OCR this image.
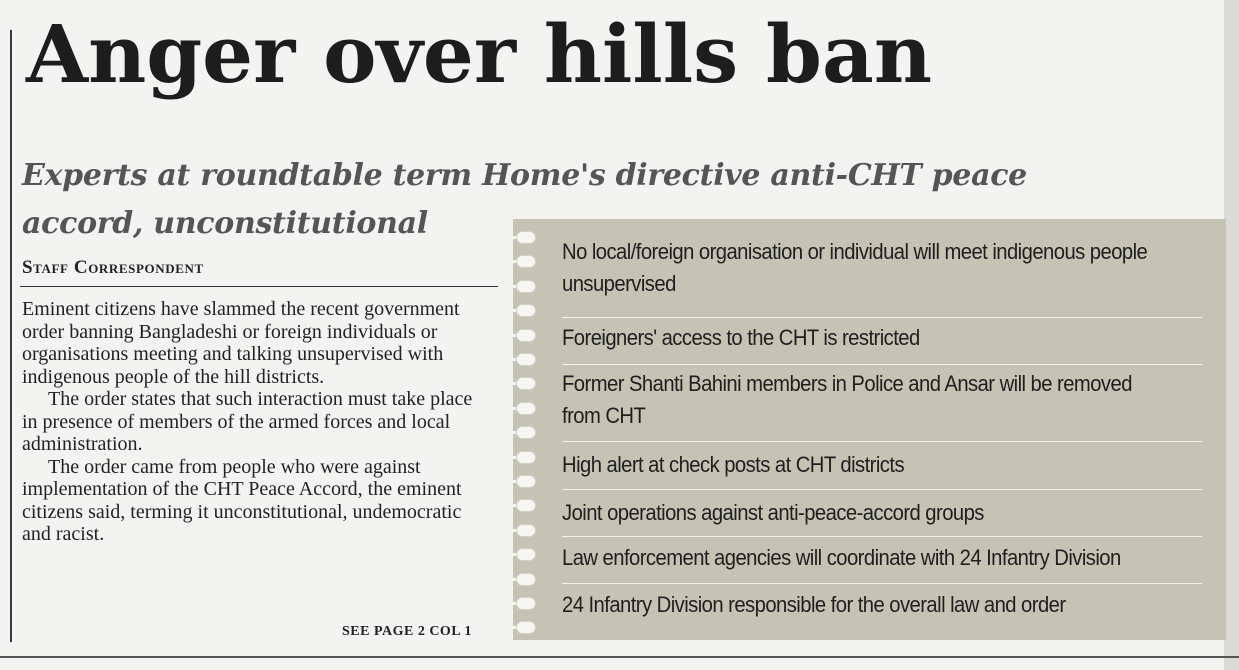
Anger over hills ban
Experts at roundtable term Home's directive anti-CHT peace accord, unconstitutional
Staff Correspondent

Eminent citizens have slammed the recent government order banning Bangladeshi or foreign individuals or organisations meeting and talking unsupervised with indigenous people of the hill districts.

The order states that such interaction must take place in presence of members of the armed forces and local administration.

The order came from people who were against implementation of the CHT Peace Accord, the eminent citizens said, terming it unconstitutional, undemocratic and racist.

SEE PAGE 2 COL 1
No local/foreign organisation or individual will meet indigenous people unsupervised
Foreigners' access to the CHT is restricted
Former Shanti Bahini members in Police and Ansar will be removed from CHT
High alert at check posts at CHT districts
Joint operations against anti-peace-accord groups
Law enforcement agencies will coordinate with 24 Infantry Division
24 Infantry Division responsible for the overall law and order
